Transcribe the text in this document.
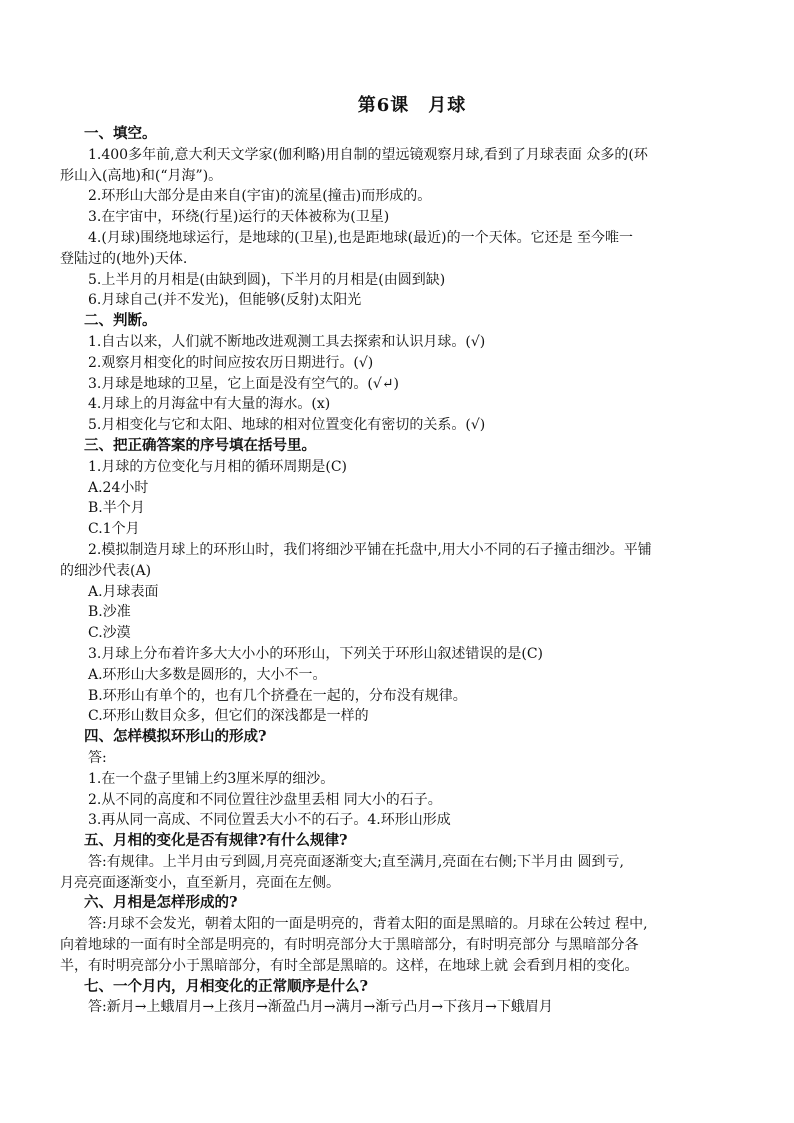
第6课　月球
一、填空。
1.400多年前,意大利天文学家(伽利略)用自制的望远镜观察月球,看到了月球表面 众多的(环
形山入(高地)和(“月海”)。
2.环形山大部分是由来自(宇宙)的流星(撞击)而形成的。
3.在宇宙中，环绕(行星)运行的天体被称为(卫星)
4.(月球)围绕地球运行，是地球的(卫星),也是距地球(最近)的一个天体。它还是 至今唯一
登陆过的(地外)天体.
5.上半月的月相是(由缺到圆)，下半月的月相是(由圆到缺)
6.月球自己(并不发光)，但能够(反射)太阳光
二、判断。
1.自古以来，人们就不断地改进观测工具去探索和认识月球。(√)
2.观察月相变化的时间应按农历日期进行。(√)
3.月球是地球的卫星，它上面是没有空气的。(√↵)
4.月球上的月海盆中有大量的海水。(x)
5.月相变化与它和太阳、地球的相对位置变化有密切的关系。(√)
三、把正确答案的序号填在括号里。
1.月球的方位变化与月相的循环周期是(C)
A.24小时
B.半个月
C.1个月
2.模拟制造月球上的环形山时，我们将细沙平铺在托盘中,用大小不同的石子撞击细沙。平铺
的细沙代表(A)
A.月球表面
B.沙准
C.沙漠
3.月球上分布着许多大大小小的环形山，下列关于环形山叙述错误的是(C)
A.环形山大多数是圆形的，大小不一。
B.环形山有单个的，也有几个挤叠在一起的，分布没有规律。
C.环形山数目众多，但它们的深浅都是一样的
四、怎样模拟环形山的形成?
答:
1.在一个盘子里铺上约3厘米厚的细沙。
2.从不同的高度和不同位置往沙盘里丢相 同大小的石子。
3.再从同一高成、不同位置丢大小不的石子。4.环形山形成
五、月相的变化是否有规律?有什么规律?
答:有规律。上半月由亏到圆,月亮亮面逐渐变大;直至满月,亮面在右侧;下半月由 圆到亏,
月亮亮面逐渐变小，直至新月，亮面在左侧。
六、月相是怎样形成的?
答:月球不会发光，朝着太阳的一面是明亮的，背着太阳的面是黑暗的。月球在公转过 程中,
向着地球的一面有时全部是明亮的，有时明亮部分大于黑暗部分，有时明亮部分 与黑暗部分各
半，有时明亮部分小于黑暗部分，有时全部是黑暗的。这样，在地球上就 会看到月相的变化。
七、一个月内，月相变化的正常顺序是什么?
答:新月→上蛾眉月→上孩月→渐盈凸月→满月→渐亏凸月→下孩月→下蛾眉月
